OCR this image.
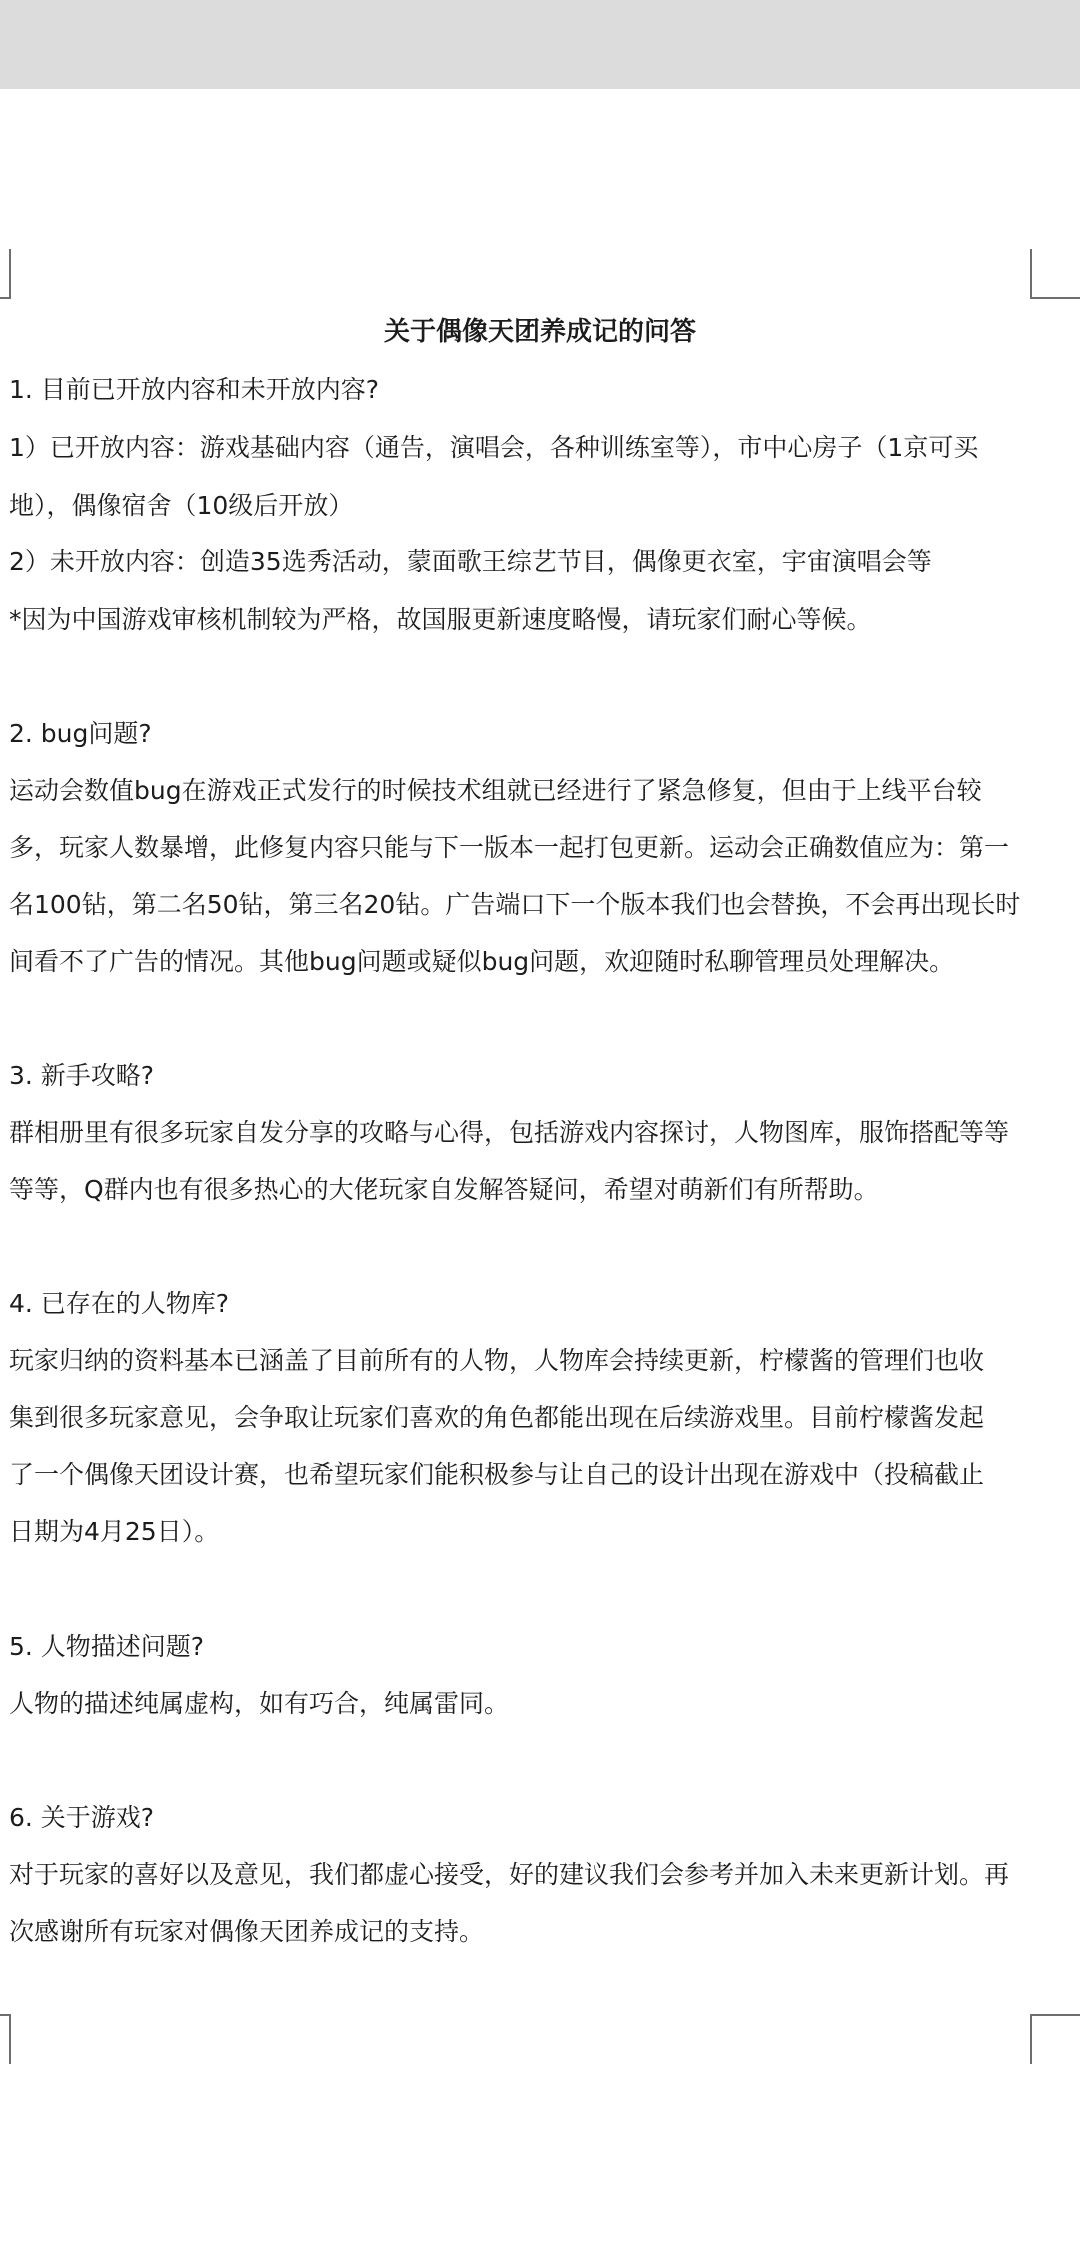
关于偶像天团养成记的问答
1. 目前已开放内容和未开放内容?
1）已开放内容：游戏基础内容（通告，演唱会，各种训练室等），市中心房子（1京可买
地），偶像宿舍（10级后开放）
2）未开放内容：创造35选秀活动，蒙面歌王综艺节目，偶像更衣室，宇宙演唱会等
*因为中国游戏审核机制较为严格，故国服更新速度略慢，请玩家们耐心等候。
2. bug问题?
运动会数值bug在游戏正式发行的时候技术组就已经进行了紧急修复，但由于上线平台较
多，玩家人数暴增，此修复内容只能与下一版本一起打包更新。运动会正确数值应为：第一
名100钻，第二名50钻，第三名20钻。广告端口下一个版本我们也会替换，不会再出现长时
间看不了广告的情况。其他bug问题或疑似bug问题，欢迎随时私聊管理员处理解决。
3. 新手攻略?
群相册里有很多玩家自发分享的攻略与心得，包括游戏内容探讨，人物图库，服饰搭配等等
等等，Q群内也有很多热心的大佬玩家自发解答疑问，希望对萌新们有所帮助。
4. 已存在的人物库?
玩家归纳的资料基本已涵盖了目前所有的人物，人物库会持续更新，柠檬酱的管理们也收
集到很多玩家意见，会争取让玩家们喜欢的角色都能出现在后续游戏里。目前柠檬酱发起
了一个偶像天团设计赛，也希望玩家们能积极参与让自己的设计出现在游戏中（投稿截止
日期为4月25日）。
5. 人物描述问题?
人物的描述纯属虚构，如有巧合，纯属雷同。
6. 关于游戏?
对于玩家的喜好以及意见，我们都虚心接受，好的建议我们会参考并加入未来更新计划。再
次感谢所有玩家对偶像天团养成记的支持。
